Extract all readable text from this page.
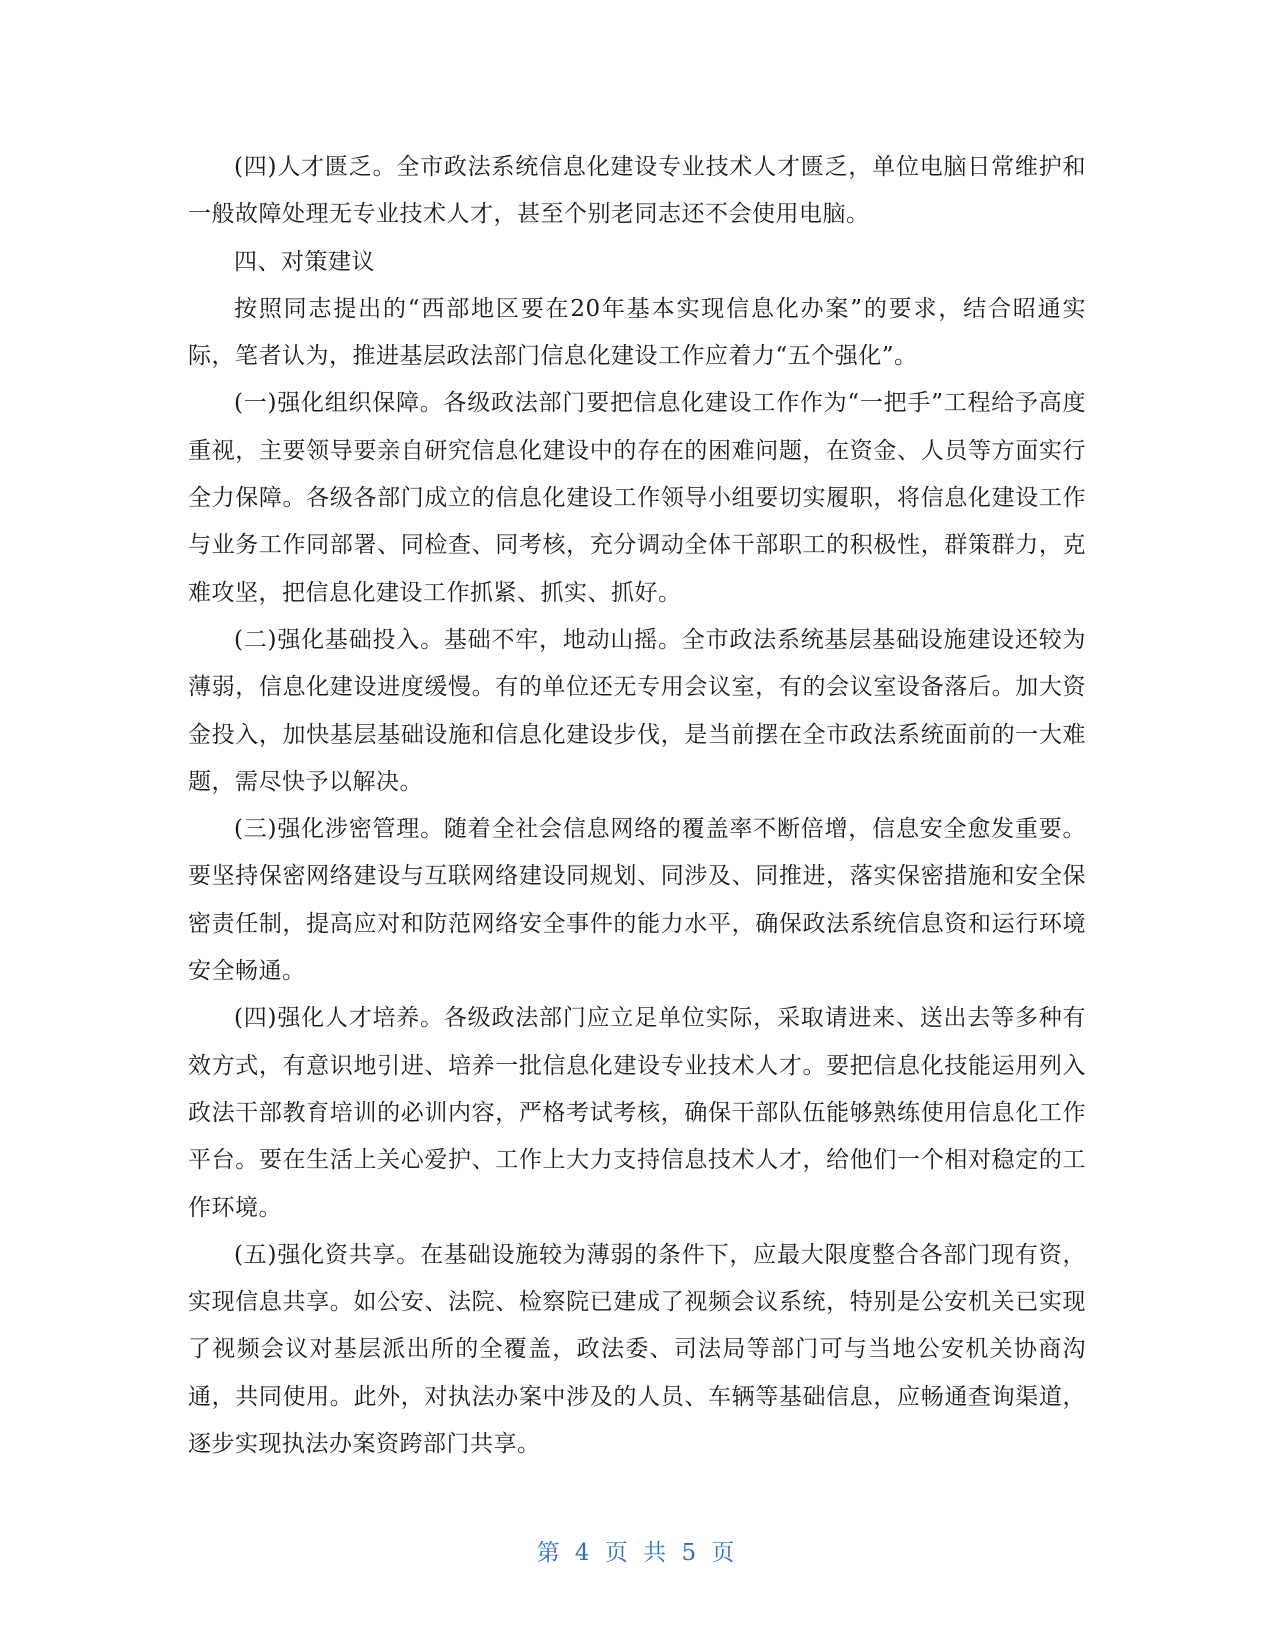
(四)人才匮乏。全市政法系统信息化建设专业技术人才匮乏，单位电脑日常维护和一般故障处理无专业技术人才，甚至个别老同志还不会使用电脑。

四、对策建议

按照同志提出的“西部地区要在20年基本实现信息化办案”的要求，结合昭通实际，笔者认为，推进基层政法部门信息化建设工作应着力“五个强化”。

(一)强化组织保障。各级政法部门要把信息化建设工作作为“一把手”工程给予高度重视，主要领导要亲自研究信息化建设中的存在的困难问题，在资金、人员等方面实行全力保障。各级各部门成立的信息化建设工作领导小组要切实履职，将信息化建设工作与业务工作同部署、同检查、同考核，充分调动全体干部职工的积极性，群策群力，克难攻坚，把信息化建设工作抓紧、抓实、抓好。

(二)强化基础投入。基础不牢，地动山摇。全市政法系统基层基础设施建设还较为薄弱，信息化建设进度缓慢。有的单位还无专用会议室，有的会议室设备落后。加大资金投入，加快基层基础设施和信息化建设步伐，是当前摆在全市政法系统面前的一大难题，需尽快予以解决。

(三)强化涉密管理。随着全社会信息网络的覆盖率不断倍增，信息安全愈发重要。要坚持保密网络建设与互联网络建设同规划、同涉及、同推进，落实保密措施和安全保密责任制，提高应对和防范网络安全事件的能力水平，确保政法系统信息资和运行环境安全畅通。

(四)强化人才培养。各级政法部门应立足单位实际，采取请进来、送出去等多种有效方式，有意识地引进、培养一批信息化建设专业技术人才。要把信息化技能运用列入政法干部教育培训的必训内容，严格考试考核，确保干部队伍能够熟练使用信息化工作平台。要在生活上关心爱护、工作上大力支持信息技术人才，给他们一个相对稳定的工作环境。

(五)强化资共享。在基础设施较为薄弱的条件下，应最大限度整合各部门现有资，实现信息共享。如公安、法院、检察院已建成了视频会议系统，特别是公安机关已实现了视频会议对基层派出所的全覆盖，政法委、司法局等部门可与当地公安机关协商沟通，共同使用。此外，对执法办案中涉及的人员、车辆等基础信息，应畅通查询渠道，逐步实现执法办案资跨部门共享。

第 4 页 共 5 页
